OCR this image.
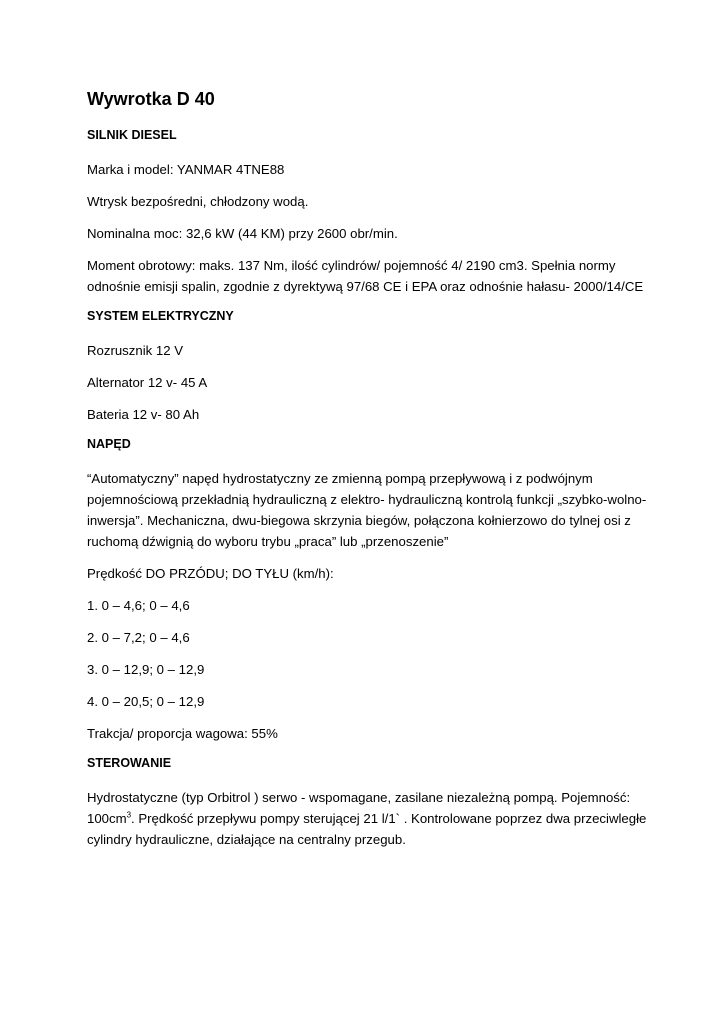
Wywrotka D 40
SILNIK DIESEL
Marka i model: YANMAR 4TNE88
Wtrysk bezpośredni, chłodzony wodą.
Nominalna moc: 32,6 kW (44 KM) przy 2600 obr/min.
Moment obrotowy: maks. 137 Nm, ilość cylindrów/ pojemność 4/ 2190 cm3. Spełnia normy odnośnie emisji spalin, zgodnie z dyrektywą 97/68 CE i EPA oraz odnośnie hałasu- 2000/14/CE
SYSTEM ELEKTRYCZNY
Rozrusznik 12 V
Alternator 12 v- 45 A
Bateria 12 v- 80 Ah
NAPĘD
“Automatyczny” napęd hydrostatyczny ze zmienną pompą przepływową i z podwójnym pojemnościową przekładnią hydrauliczną z elektro- hydrauliczną kontrolą funkcji „szybko-wolno-inwersja”. Mechaniczna, dwu-biegowa skrzynia biegów, połączona kołnierzowo do tylnej osi z ruchomą dźwignią do wyboru trybu „praca” lub „przenoszenie”
Prędkość DO PRZÓDU; DO TYŁU (km/h):
1. 0 – 4,6; 0 – 4,6
2. 0 – 7,2; 0 – 4,6
3. 0 – 12,9; 0 – 12,9
4. 0 – 20,5; 0 – 12,9
Trakcja/ proporcja wagowa: 55%
STEROWANIE
Hydrostatyczne (typ Orbitrol ) serwo - wspomagane, zasilane niezależną pompą. Pojemność: $100cm^3$. Prędkość przepływu pompy sterującej 21 l/1` . Kontrolowane poprzez dwa przeciwległe cylindry hydrauliczne, działające na centralny przegub.
